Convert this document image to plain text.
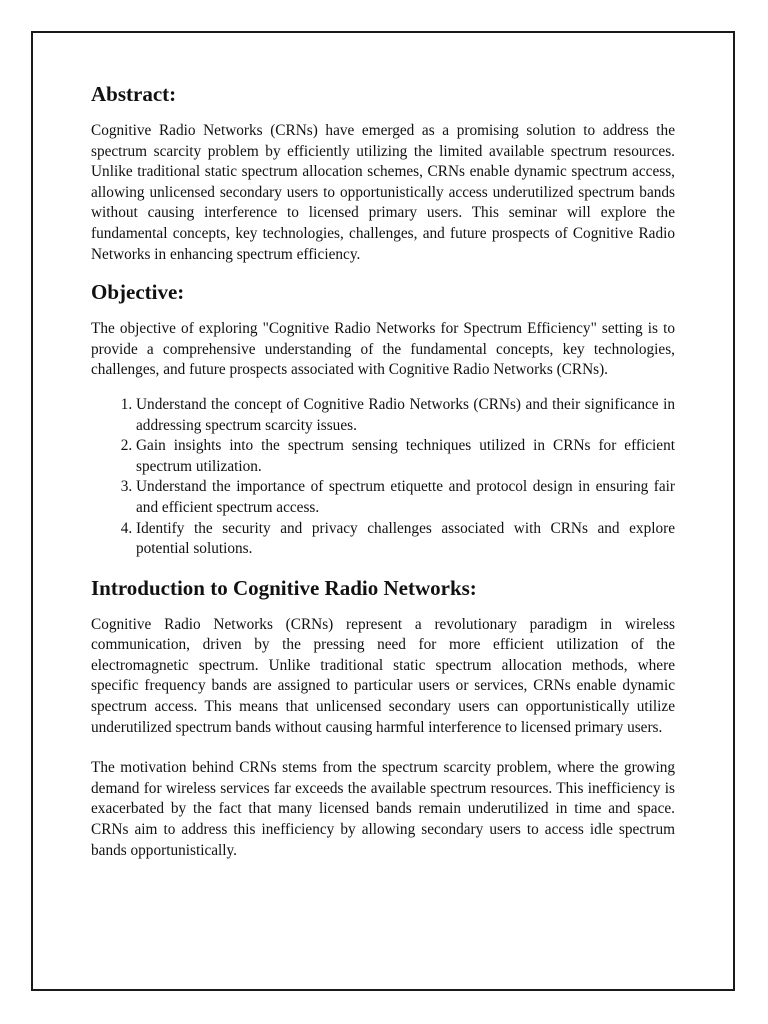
Abstract:

Cognitive Radio Networks (CRNs) have emerged as a promising solution to address the spectrum scarcity problem by efficiently utilizing the limited available spectrum resources. Unlike traditional static spectrum allocation schemes, CRNs enable dynamic spectrum access, allowing unlicensed secondary users to opportunistically access underutilized spectrum bands without causing interference to licensed primary users. This seminar will explore the fundamental concepts, key technologies, challenges, and future prospects of Cognitive Radio Networks in enhancing spectrum efficiency.

Objective:

The objective of exploring "Cognitive Radio Networks for Spectrum Efficiency" setting is to provide a comprehensive understanding of the fundamental concepts, key technologies, challenges, and future prospects associated with Cognitive Radio Networks (CRNs).

1. Understand the concept of Cognitive Radio Networks (CRNs) and their significance in addressing spectrum scarcity issues.
2. Gain insights into the spectrum sensing techniques utilized in CRNs for efficient spectrum utilization.
3. Understand the importance of spectrum etiquette and protocol design in ensuring fair and efficient spectrum access.
4. Identify the security and privacy challenges associated with CRNs and explore potential solutions.
Introduction to Cognitive Radio Networks:

Cognitive Radio Networks (CRNs) represent a revolutionary paradigm in wireless communication, driven by the pressing need for more efficient utilization of the electromagnetic spectrum. Unlike traditional static spectrum allocation methods, where specific frequency bands are assigned to particular users or services, CRNs enable dynamic spectrum access. This means that unlicensed secondary users can opportunistically utilize underutilized spectrum bands without causing harmful interference to licensed primary users.

The motivation behind CRNs stems from the spectrum scarcity problem, where the growing demand for wireless services far exceeds the available spectrum resources. This inefficiency is exacerbated by the fact that many licensed bands remain underutilized in time and space. CRNs aim to address this inefficiency by allowing secondary users to access idle spectrum bands opportunistically.
